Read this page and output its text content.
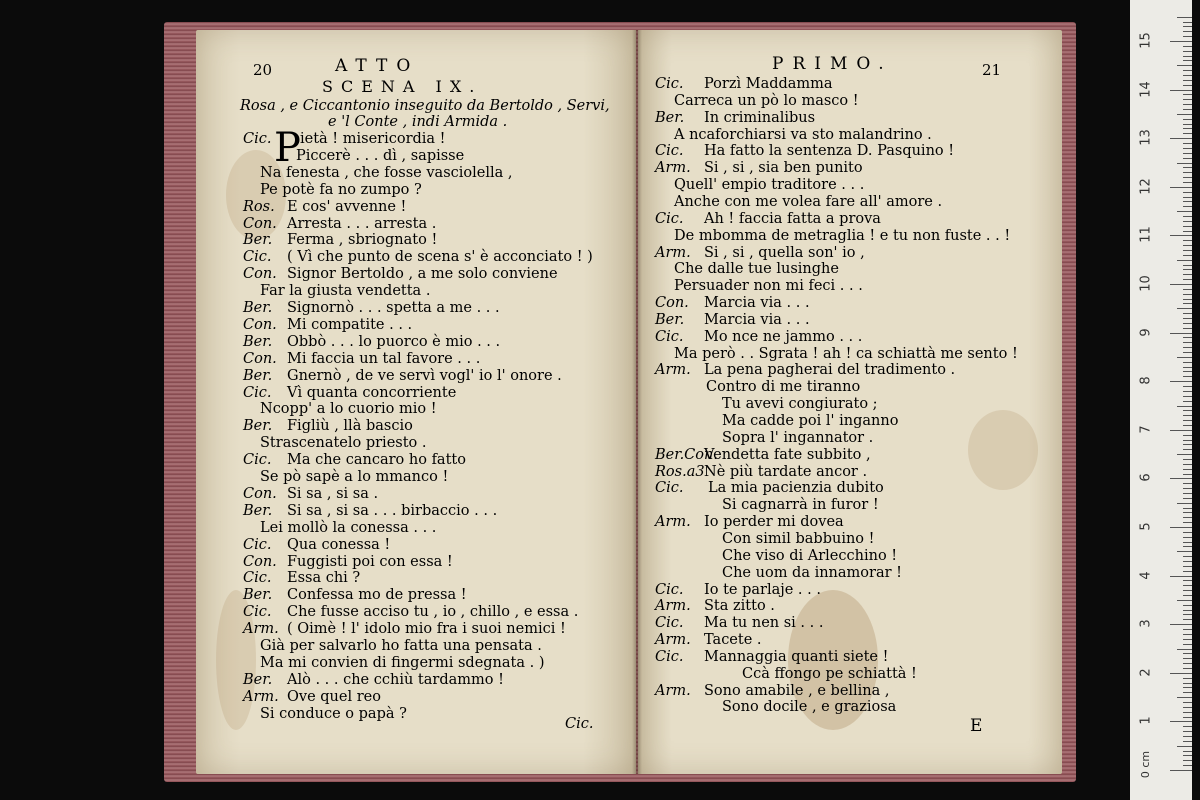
20	ATTO
SCENA IX.
Rosa , e Ciccantonio inseguito da Bertoldo , Servi,
e 'l Conte , indi Armida .
P
Cic. ietà ! misericordia !
Piccerè . . . dì , sapisse
Na fenesta , che fosse vasciolella ,
Pe potè fa no zumpo ?
Ros. E cos' avvenne !
Con. Arresta . . . arresta .
Ber. Ferma , sbriognato !
Cic. ( Vì che punto de scena s' è acconciato ! )
Con. Signor Bertoldo , a me solo conviene
Far la giusta vendetta .
Ber. Signornò . . . spetta a me . . .
Con. Mi compatite . . .
Ber. Obbò . . . lo puorco è mio . . .
Con. Mi faccia un tal favore . . .
Ber. Gnernò , de ve servì vogl' io l' onore .
Cic. Vì quanta concorriente
Ncopp' a lo cuorio mio !
Ber. Figliù , llà bascio
Strascenatelo priesto .
Cic. Ma che cancaro ho fatto
Se pò sapè a lo mmanco !
Con. Si sa , si sa .
Ber. Si sa , si sa . . . birbaccio . . .
Lei mollò la conessa . . .
Cic. Qua conessa !
Con. Fuggisti poi con essa !
Cic. Essa chi ?
Ber. Confessa mo de pressa !
Cic. Che fusse acciso tu , io , chillo , e essa .
Arm. ( Oimè ! l' idolo mio fra i suoi nemici !
Già per salvarlo ho fatta una pensata .
Ma mi convien di fingermi sdegnata . )
Ber. Alò . . . che cchiù tardammo !
Arm. Ove quel reo
Si conduce o papà ?
Cic.
PRIMO.	21
Cic. Porzì Maddamma
Carreca un pò lo masco !
Ber. In criminalibus
A ncaforchiarsi va sto malandrino .
Cic. Ha fatto la sentenza D. Pasquino !
Arm. Si , si , sia ben punito
Quell' empio traditore . . .
Anche con me volea fare all' amore .
Cic. Ah ! faccia fatta a prova
De mbomma de metraglia ! e tu non fuste . . !
Arm. Si , si , quella son' io ,
Che dalle tue lusinghe
Persuader non mi feci . . .
Con. Marcia via . . .
Ber. Marcia via . . .
Cic. Mo nce ne jammo . . .
Ma però . . Sgrata ! ah ! ca schiattà me sento !
Arm. La pena pagherai del tradimento .
Contro di me tiranno
Tu avevi congiurato ;
Ma cadde poi l' inganno
Sopra l' ingannator .
Ber.Con.
Vendetta fate subbito ,
Ros.a3 Nè più tardate ancor .
Cic. La mia pacienzia dubito
Si cagnarrà in furor !
Arm. Io perder mi dovea
Con simil babbuino !
Che viso di Arlecchino !
Che uom da innamorar !
Cic. Io te parlaje . . .
Arm. Sta zitto .
Cic. Ma tu nen si . . .
Arm. Tacete .
Cic. Mannaggia quanti siete !
Ccà ffongo pe schiattà !
Arm. Sono amabile , e bellina ,
Sono docile , e graziosa
E
0 cm
1
2
3
4
5
6
7
8
9
10
11
12
13
14
15
